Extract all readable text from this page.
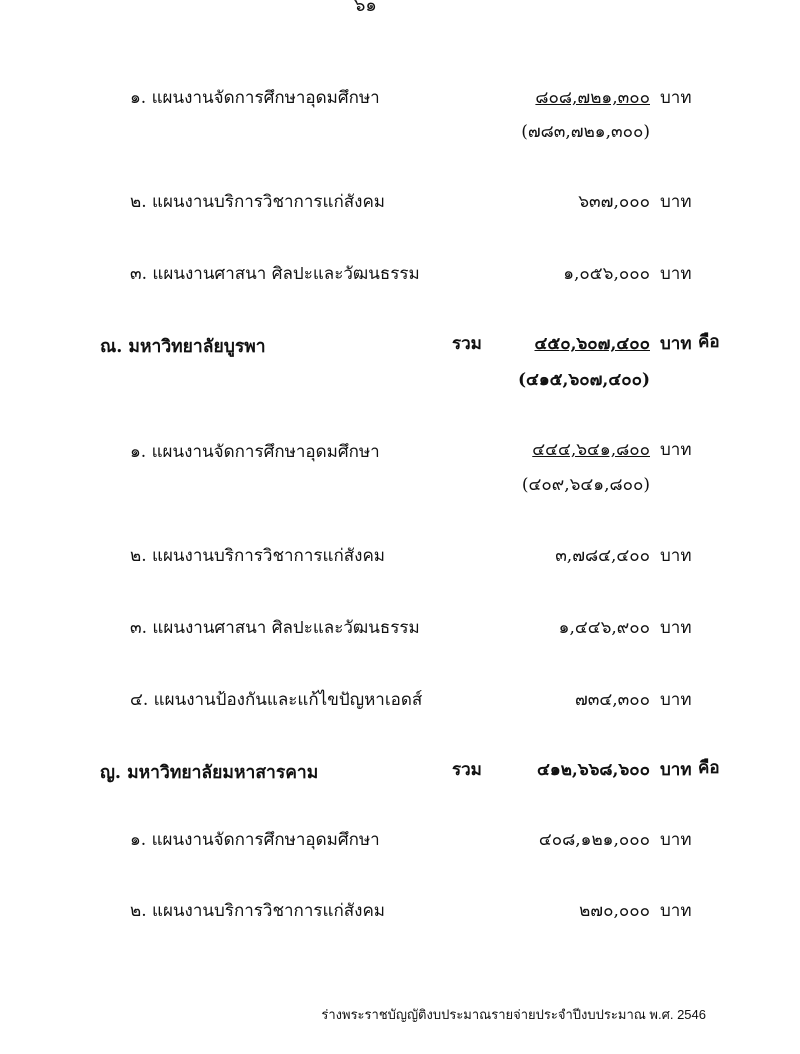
๖๑
๑. แผนงานจัดการศึกษาอุดมศึกษา	๘๐๘,๗๒๑,๓๐๐ บาท
(๗๘๓,๗๒๑,๓๐๐)
๒. แผนงานบริการวิชาการแก่สังคม	๖๓๗,๐๐๐ บาท
๓. แผนงานศาสนา ศิลปะและวัฒนธรรม	๑,๐๕๖,๐๐๐ บาท
ณ. มหาวิทยาลัยบูรพา	รวม	๔๕๐,๖๐๗,๔๐๐ บาท คือ
(๔๑๕,๖๐๗,๔๐๐)
๑. แผนงานจัดการศึกษาอุดมศึกษา	๔๔๔,๖๔๑,๘๐๐ บาท
(๔๐๙,๖๔๑,๘๐๐)
๒. แผนงานบริการวิชาการแก่สังคม	๓,๗๘๔,๔๐๐ บาท
๓. แผนงานศาสนา ศิลปะและวัฒนธรรม	๑,๔๔๖,๙๐๐ บาท
๔. แผนงานป้องกันและแก้ไขปัญหาเอดส์	๗๓๔,๓๐๐ บาท
ญ. มหาวิทยาลัยมหาสารคาม	รวม	๔๑๒,๖๖๘,๖๐๐ บาท คือ
๑. แผนงานจัดการศึกษาอุดมศึกษา	๔๐๘,๑๒๑,๐๐๐ บาท
๒. แผนงานบริการวิชาการแก่สังคม	๒๗๐,๐๐๐ บาท
ร่างพระราชบัญญัติงบประมาณรายจ่ายประจำปีงบประมาณ พ.ศ. 2546
